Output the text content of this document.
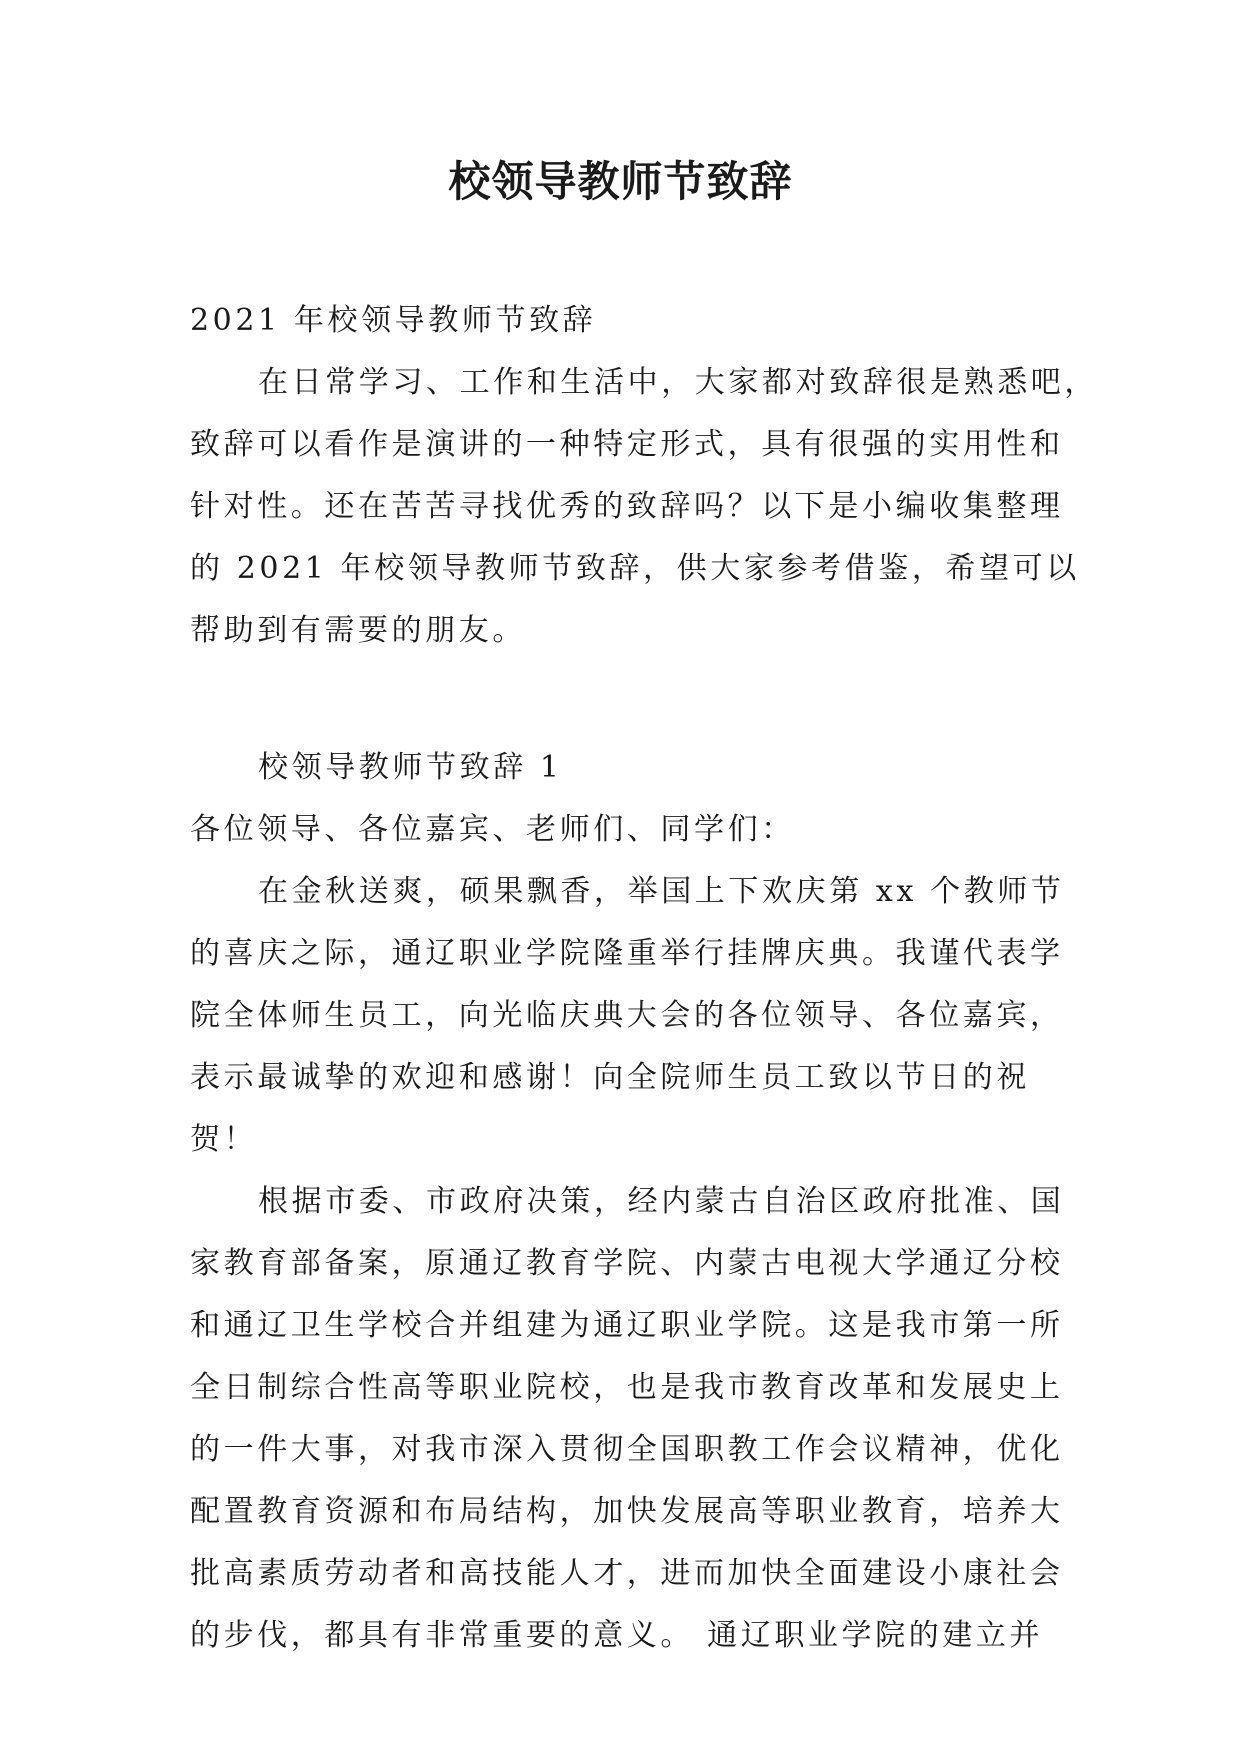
校领导教师节致辞
2021 年校领导教师节致辞
在日常学习、工作和生活中，大家都对致辞很是熟悉吧，
致辞可以看作是演讲的一种特定形式，具有很强的实用性和
针对性。还在苦苦寻找优秀的致辞吗？以下是小编收集整理
的 2021 年校领导教师节致辞，供大家参考借鉴，希望可以
帮助到有需要的朋友。
校领导教师节致辞 1
各位领导、各位嘉宾、老师们、同学们：
在金秋送爽，硕果飘香，举国上下欢庆第 xx 个教师节
的喜庆之际，通辽职业学院隆重举行挂牌庆典。我谨代表学
院全体师生员工，向光临庆典大会的各位领导、各位嘉宾，
表示最诚挚的欢迎和感谢！向全院师生员工致以节日的祝
贺！
根据市委、市政府决策，经内蒙古自治区政府批准、国
家教育部备案，原通辽教育学院、内蒙古电视大学通辽分校
和通辽卫生学校合并组建为通辽职业学院。这是我市第一所
全日制综合性高等职业院校，也是我市教育改革和发展史上
的一件大事，对我市深入贯彻全国职教工作会议精神，优化
配置教育资源和布局结构，加快发展高等职业教育，培养大
批高素质劳动者和高技能人才，进而加快全面建设小康社会
的步伐，都具有非常重要的意义。 通辽职业学院的建立并
